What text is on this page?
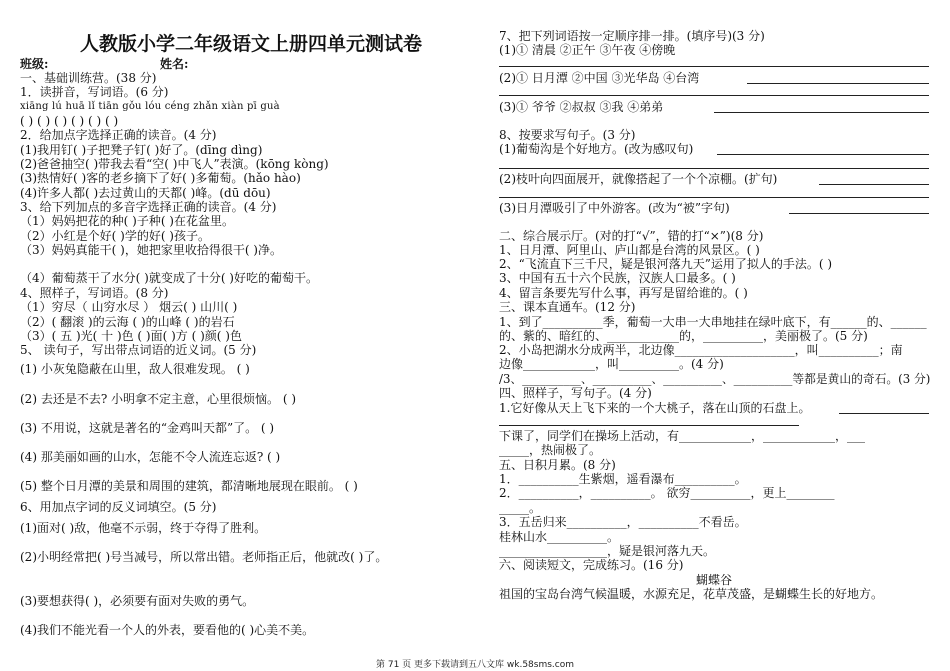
人教版小学二年级语文上册四单元测试卷
班级:	姓名:
一、基础训练营。(38 分)
1．读拼音，写词语。(6 分)
xiāng lú huā lǐ tiān gǒu lóu céng zhǎn xiàn pī guà
( ) ( ) ( ) ( ) ( ) ( )
2．给加点字选择正确的读音。(4 分)
(1)我用钉( )子把凳子钉( )好了。(dīng dìng)
(2)爸爸抽空( )带我去看“空( )中飞人”表演。(kōng kòng)
(3)热情好( )客的老乡摘下了好( )多葡萄。(hǎo hào)
(4)许多人都( )去过黄山的天都( )峰。(dū dōu)
3、给下列加点的多音字选择正确的读音。(4 分)
（1）妈妈把花的种( )子种( )在花盆里。
（2）小红是个好( )学的好( )孩子。
（3）妈妈真能干( )，她把家里收拾得很干( )净。
（4）葡萄蒸干了水分( )就变成了十分( )好吃的葡萄干。
4、照样子，写词语。(8 分)
（1）穷尽（ 山穷水尽 ） 烟云( ) 山川( )
（2）( 翻滚 )的云海 ( )的山峰 ( )的岩石
（3）( 五 )光( 十 )色 ( )面( )方 ( )颜( )色
5、 读句子，写出带点词语的近义词。(5 分)
(1) 小灰兔隐蔽在山里，敌人很难发现。 ( )
(2) 去还是不去? 小明拿不定主意，心里很烦恼。 ( )
(3) 不用说，这就是著名的“金鸡叫天都”了。 ( )
(4) 那美丽如画的山水，怎能不令人流连忘返? ( )
(5) 整个日月潭的美景和周围的建筑，都清晰地展现在眼前。 ( )
6、用加点字词的反义词填空。(5 分)
(1)面对( )敌，他毫不示弱，终于夺得了胜利。
(2)小明经常把( )号当减号，所以常出错。老师指正后，他就改( )了。
(3)要想获得( )，必须要有面对失败的勇气。
(4)我们不能光看一个人的外表，要看他的( )心美不美。
7、把下列词语按一定顺序排一排。(填序号)(3 分)
(1)① 清晨 ②正午 ③午夜 ④傍晚
(2)① 日月潭 ②中国 ③光华岛 ④台湾
(3)① 爷爷 ②叔叔 ③我 ④弟弟
8、按要求写句子。(3 分)
(1)葡萄沟是个好地方。(改为感叹句)
(2)枝叶向四面展开，就像搭起了一个个凉棚。(扩句)
(3)日月潭吸引了中外游客。(改为“被”字句)
二、综合展示厅。(对的打“√”，错的打“×”)(8 分)
1、日月潭、阿里山、庐山都是台湾的风景区。( )
2、“飞流直下三千尺，疑是银河落九天”运用了拟人的手法。( )
3、中国有五十六个民族，汉族人口最多。( )
4、留言条要先写什么事，再写是留给谁的。( )
三、课本直通车。(12 分)
1、到了__________季，葡萄一大串一大串地挂在绿叶底下，有______的、______
的、紫的、暗红的、____________的，__________，美丽极了。(5 分)
2、小岛把湖水分成两半，北边像____________________，叫__________；南
边像____________，叫__________。(4 分)
/3、__________、__________、__________、__________等都是黄山的奇石。(3 分)
四、照样子，写句子。(4 分)
1.它好像从天上飞下来的一个大桃子，落在山顶的石盘上。
下课了，同学们在操场上活动，有____________，____________，___
_____，热闹极了。
五、日积月累。(8 分)
1．__________生紫烟，遥看瀑布__________。
2．__________，__________。 欲穷__________，更上________
_____。
3．五岳归来__________，__________不看岳。
桂林山水__________。
__________________，疑是银河落九天。
六、阅读短文，完成练习。(16 分)
蝴蝶谷
祖国的宝岛台湾气候温暖，水源充足，花草茂盛，是蝴蝶生长的好地方。
第 71 页 更多下载请到五八文库 wk.58sms.com
